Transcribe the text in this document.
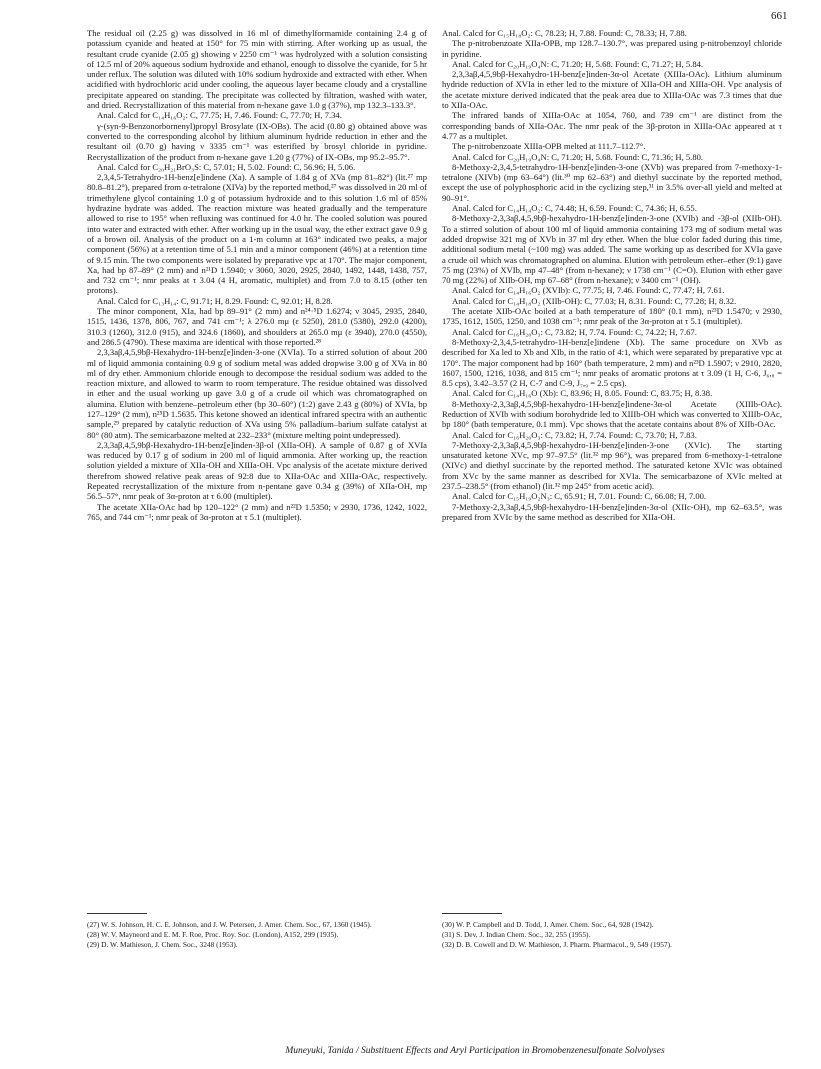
661

The residual oil (2.25 g) was dissolved in 16 ml of dimethylformamide containing 2.4 g of potassium cyanide and heated at 150° for 75 min with stirring. After working up as usual, the resultant crude cyanide (2.05 g) showing ν 2250 cm⁻¹ was hydrolyzed with a solution consisting of 12.5 ml of 20% aqueous sodium hydroxide and ethanol, enough to dissolve the cyanide, for 5 hr under reflux. The solution was diluted with 10% sodium hydroxide and extracted with ether. When acidified with hydrochloric acid under cooling, the aqueous layer became cloudy and a crystalline precipitate appeared on standing. The precipitate was collected by filtration, washed with water, and dried. Recrystallization of this material from n-hexane gave 1.0 g (37%), mp 132.3–133.3°.

Anal. Calcd for C₁₄H₁₆O₂: C, 77.75; H, 7.46. Found: C, 77.70; H, 7.34.

γ-(syn-9-Benzonorbornenyl)propyl Brosylate (IX-OBs). The acid (0.80 g) obtained above was converted to the corresponding alcohol by lithium aluminum hydride reduction in ether and the resultant oil (0.70 g) having ν 3335 cm⁻¹ was esterified by brosyl chloride in pyridine. Recrystallization of the product from n-hexane gave 1.20 g (77%) of IX-OBs, mp 95.2–95.7°.

Anal. Calcd for C₂₀H₂₁BrO₃S: C, 57.01; H, 5.02. Found: C, 56.96; H, 5.06.

2,3,4,5-Tetrahydro-1H-benz[e]indene (Xa). A sample of 1.84 g of XVa (mp 81–82°) (lit.²⁷ mp 80.8–81.2°), prepared from α-tetralone (XIVa) by the reported method,²⁷ was dissolved in 20 ml of trimethylene glycol containing 1.0 g of potassium hydroxide and to this solution 1.6 ml of 85% hydrazine hydrate was added. The reaction mixture was heated gradually and the temperature allowed to rise to 195° when refluxing was continued for 4.0 hr. The cooled solution was poured into water and extracted with ether. After working up in the usual way, the ether extract gave 0.9 g of a brown oil. Analysis of the product on a 1-m column at 163° indicated two peaks, a major component (56%) at a retention time of 5.1 min and a minor component (46%) at a retention time of 9.15 min. The two components were isolated by preparative vpc at 170°. The major component, Xa, had bp 87–89° (2 mm) and n²¹D 1.5940; ν 3060, 3020, 2925, 2840, 1492, 1448, 1438, 757, and 732 cm⁻¹; nmr peaks at τ 3.04 (4 H, aromatic, multiplet) and from 7.0 to 8.15 (other ten protons).

Anal. Calcd for C₁₃H₁₄: C, 91.71; H, 8.29. Found: C, 92.01; H, 8.28.

The minor component, XIa, had bp 89–91° (2 mm) and n²⁴·⁵D 1.6274; ν 3045, 2935, 2840, 1515, 1436, 1378, 806, 767, and 741 cm⁻¹; λ 276.0 mμ (ε 5250), 281.0 (5380), 292.0 (4200), 310.3 (1260), 312.0 (915), and 324.6 (1860), and shoulders at 265.0 mμ (ε 3940), 270.0 (4550), and 286.5 (4790). These maxima are identical with those reported.²⁸

2,3,3aβ,4,5,9bβ-Hexahydro-1H-benz[e]inden-3-one (XVIa). To a stirred solution of about 200 ml of liquid ammonia containing 0.9 g of sodium metal was added dropwise 3.00 g of XVa in 80 ml of dry ether. Ammonium chloride enough to decompose the residual sodium was added to the reaction mixture, and allowed to warm to room temperature. The residue obtained was dissolved in ether and the usual working up gave 3.0 g of a crude oil which was chromatographed on alumina. Elution with benzene–petroleum ether (bp 30–60°) (1:2) gave 2.43 g (80%) of XVIa, bp 127–129° (2 mm), n²⁵D 1.5635. This ketone showed an identical infrared spectra with an authentic sample,²⁹ prepared by catalytic reduction of XVa using 5% palladium–barium sulfate catalyst at 80° (80 atm). The semicarbazone melted at 232–233° (mixture melting point undepressed).

2,3,3aβ,4,5,9bβ-Hexahydro-1H-benz[e]inden-3β-ol (XIIa-OH). A sample of 0.87 g of XVIa was reduced by 0.17 g of sodium in 200 ml of liquid ammonia. After working up, the reaction solution yielded a mixture of XIIa-OH and XIIIa-OH. Vpc analysis of the acetate mixture derived therefrom showed relative peak areas of 92:8 due to XIIa-OAc and XIIIa-OAc, respectively. Repeated recrystallization of the mixture from n-pentane gave 0.34 g (39%) of XIIa-OH, mp 56.5–57°, nmr peak of 3α-proton at τ 6.00 (multiplet).

The acetate XIIa-OAc had bp 120–122° (2 mm) and n²²D 1.5350; ν 2930, 1736, 1242, 1022, 765, and 744 cm⁻¹; nmr peak of 3α-proton at τ 5.1 (multiplet).

Anal. Calcd for C₁₅H₁₈O₂: C, 78.23; H, 7.88. Found: C, 78.33; H, 7.88.

The p-nitrobenzoate XIIa-OPB, mp 128.7–130.7°, was prepared using p-nitrobenzoyl chloride in pyridine.

Anal. Calcd for C₂₀H₁₉O₄N: C, 71.20; H, 5.68. Found: C, 71.27; H, 5.84.

2,3,3aβ,4,5,9bβ-Hexahydro-1H-benz[e]inden-3α-ol Acetate (XIIIa-OAc). Lithium aluminum hydride reduction of XVIa in ether led to the mixture of XIIa-OH and XIIIa-OH. Vpc analysis of the acetate mixture derived indicated that the peak area due to XIIIa-OAc was 7.3 times that due to XIIa-OAc.

The infrared bands of XIIIa-OAc at 1054, 760, and 739 cm⁻¹ are distinct from the corresponding bands of XIIa-OAc. The nmr peak of the 3β-proton in XIIIa-OAc appeared at τ 4.77 as a multiplet.

The p-nitrobenzoate XIIIa-OPB melted at 111.7–112.7°.

Anal. Calcd for C₂₀H₁₉O₄N: C, 71.20; H, 5.68. Found: C, 71.36; H, 5.80.

8-Methoxy-2,3,4,5-tetrahydro-1H-benz[e]inden-3-one (XVb) was prepared from 7-methoxy-1-tetralone (XIVb) (mp 63–64°) (lit.³⁰ mp 62–63°) and diethyl succinate by the reported method, except the use of polyphosphoric acid in the cyclizing step,³¹ in 3.5% over-all yield and melted at 90–91°.

Anal. Calcd for C₁₄H₁₄O₂: C, 74.48; H, 6.59. Found: C, 74.36; H, 6.55.

8-Methoxy-2,3,3aβ,4,5,9bβ-hexahydro-1H-benz[e]inden-3-one (XVIb) and -3β-ol (XIIb-OH). To a stirred solution of about 100 ml of liquid ammonia containing 173 mg of sodium metal was added dropwise 321 mg of XVb in 37 ml dry ether. When the blue color faded during this time, additional sodium metal (~100 mg) was added. The same working up as described for XVIa gave a crude oil which was chromatographed on alumina. Elution with petroleum ether–ether (9:1) gave 75 mg (23%) of XVIb, mp 47–48° (from n-hexane); ν 1738 cm⁻¹ (C=O). Elution with ether gave 70 mg (22%) of XIIb-OH, mp 67–68° (from n-hexane); ν 3400 cm⁻¹ (OH).

Anal. Calcd for C₁₄H₁₆O₂ (XVIb): C, 77.75; H, 7.46. Found: C, 77.47; H, 7.61.

Anal. Calcd for C₁₄H₁₈O₂ (XIIb-OH): C, 77.03; H, 8.31. Found: C, 77.28; H, 8.32.

The acetate XIIb-OAc boiled at a bath temperature of 180° (0.1 mm), n²³D 1.5470; ν 2930, 1735, 1612, 1505, 1250, and 1038 cm⁻¹; nmr peak of the 3α-proton at τ 5.1 (multiplet).

Anal. Calcd for C₁₆H₂₀O₃: C, 73.82; H, 7.74. Found: C, 74.22; H, 7.67.

8-Methoxy-2,3,4,5-tetrahydro-1H-benz[e]indene (Xb). The same procedure on XVb as described for Xa led to Xb and XIb, in the ratio of 4:1, which were separated by preparative vpc at 170°. The major component had bp 160° (bath temperature, 2 mm) and n²³D 1.5907; ν 2910, 2820, 1607, 1500, 1216, 1038, and 815 cm⁻¹; nmr peaks of aromatic protons at τ 3.09 (1 H, C-6, J₆,₈ = 8.5 cps), 3.42–3.57 (2 H, C-7 and C-9, J₇,₉ = 2.5 cps).

Anal. Calcd for C₁₄H₁₆O (Xb): C, 83.96; H, 8.05. Found: C, 83.75; H, 8.38.

8-Methoxy-2,3,3aβ,4,5,9bβ-hexahydro-1H-benz[e]indene-3α-ol Acetate (XIIIb-OAc). Reduction of XVIb with sodium borohydride led to XIIIb-OH which was converted to XIIIb-OAc, bp 180° (bath temperature, 0.1 mm). Vpc shows that the acetate contains about 8% of XIIb-OAc.

Anal. Calcd for C₁₆H₂₀O₃: C, 73.82; H, 7.74. Found: C, 73.70; H, 7.83.

7-Methoxy-2,3,3aβ,4,5,9bβ-hexahydro-1H-benz[e]inden-3-one (XVIc). The starting unsaturated ketone XVc, mp 97–97.5° (lit.³² mp 96°), was prepared from 6-methoxy-1-tetralone (XIVc) and diethyl succinate by the reported method. The saturated ketone XVIc was obtained from XVc by the same manner as described for XVIa. The semicarbazone of XVIc melted at 237.5–238.5° (from ethanol) (lit.³² mp 245° from acetic acid).

Anal. Calcd for C₁₅H₁₉O₂N₃: C, 65.91; H, 7.01. Found: C, 66.08; H, 7.00.

7-Methoxy-2,3,3aβ,4,5,9bβ-hexahydro-1H-benz[e]inden-3α-ol (XIIc-OH), mp 62–63.5°, was prepared from XVIc by the same method as described for XIIa-OH.

(27) W. S. Johnson, H. C. E. Johnson, and J. W. Petersen, J. Amer. Chem. Soc., 67, 1360 (1945).
(28) W. V. Mayneord and E. M. F. Roe, Proc. Roy. Soc. (London), A152, 299 (1935).
(29) D. W. Mathieson, J. Chem. Soc., 3248 (1953).
(30) W. P. Campbell and D. Todd, J. Amer. Chem. Soc., 64, 928 (1942).
(31) S. Dev, J. Indian Chem. Soc., 32, 255 (1955).
(32) D. B. Cowell and D. W. Mathieson, J. Pharm. Pharmacol., 9, 549 (1957).
Muneyuki, Tanida / Substituent Effects and Aryl Participation in Bromobenzenesulfonate Solvolyses
